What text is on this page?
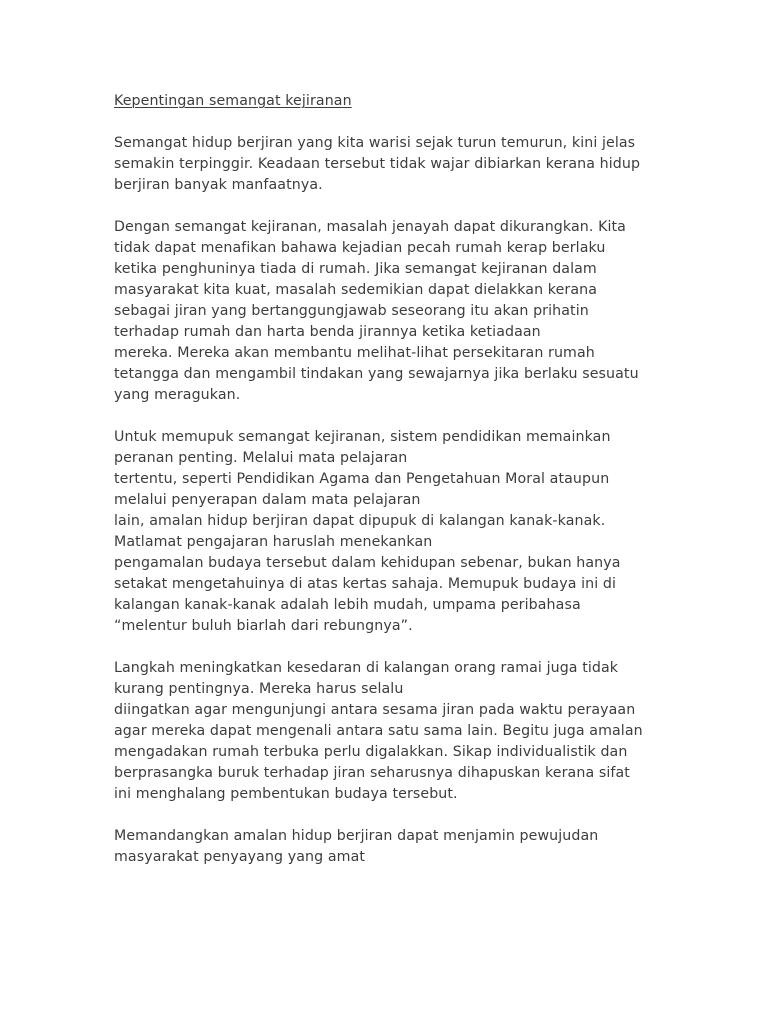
Kepentingan semangat kejiranan

Semangat hidup berjiran yang kita warisi sejak turun temurun, kini jelas
semakin terpinggir. Keadaan tersebut tidak wajar dibiarkan kerana hidup
berjiran banyak manfaatnya.

Dengan semangat kejiranan, masalah jenayah dapat dikurangkan. Kita
tidak dapat menafikan bahawa kejadian pecah rumah kerap berlaku
ketika penghuninya tiada di rumah. Jika semangat kejiranan dalam
masyarakat kita kuat, masalah sedemikian dapat dielakkan kerana
sebagai jiran yang bertanggungjawab seseorang itu akan prihatin
terhadap rumah dan harta benda jirannya ketika ketiadaan
mereka. Mereka akan membantu melihat-lihat persekitaran rumah
tetangga dan mengambil tindakan yang sewajarnya jika berlaku sesuatu
yang meragukan.

Untuk memupuk semangat kejiranan, sistem pendidikan memainkan
peranan penting. Melalui mata pelajaran
tertentu, seperti Pendidikan Agama dan Pengetahuan Moral ataupun
melalui penyerapan dalam mata pelajaran
lain, amalan hidup berjiran dapat dipupuk di kalangan kanak-kanak.
Matlamat pengajaran haruslah menekankan
pengamalan budaya tersebut dalam kehidupan sebenar, bukan hanya
setakat mengetahuinya di atas kertas sahaja. Memupuk budaya ini di
kalangan kanak-kanak adalah lebih mudah, umpama peribahasa
“melentur buluh biarlah dari rebungnya”.

Langkah meningkatkan kesedaran di kalangan orang ramai juga tidak
kurang pentingnya. Mereka harus selalu
diingatkan agar mengunjungi antara sesama jiran pada waktu perayaan
agar mereka dapat mengenali antara satu sama lain. Begitu juga amalan
mengadakan rumah terbuka perlu digalakkan. Sikap individualistik dan
berprasangka buruk terhadap jiran seharusnya dihapuskan kerana sifat
ini menghalang pembentukan budaya tersebut.

Memandangkan amalan hidup berjiran dapat menjamin pewujudan
masyarakat penyayang yang amat
